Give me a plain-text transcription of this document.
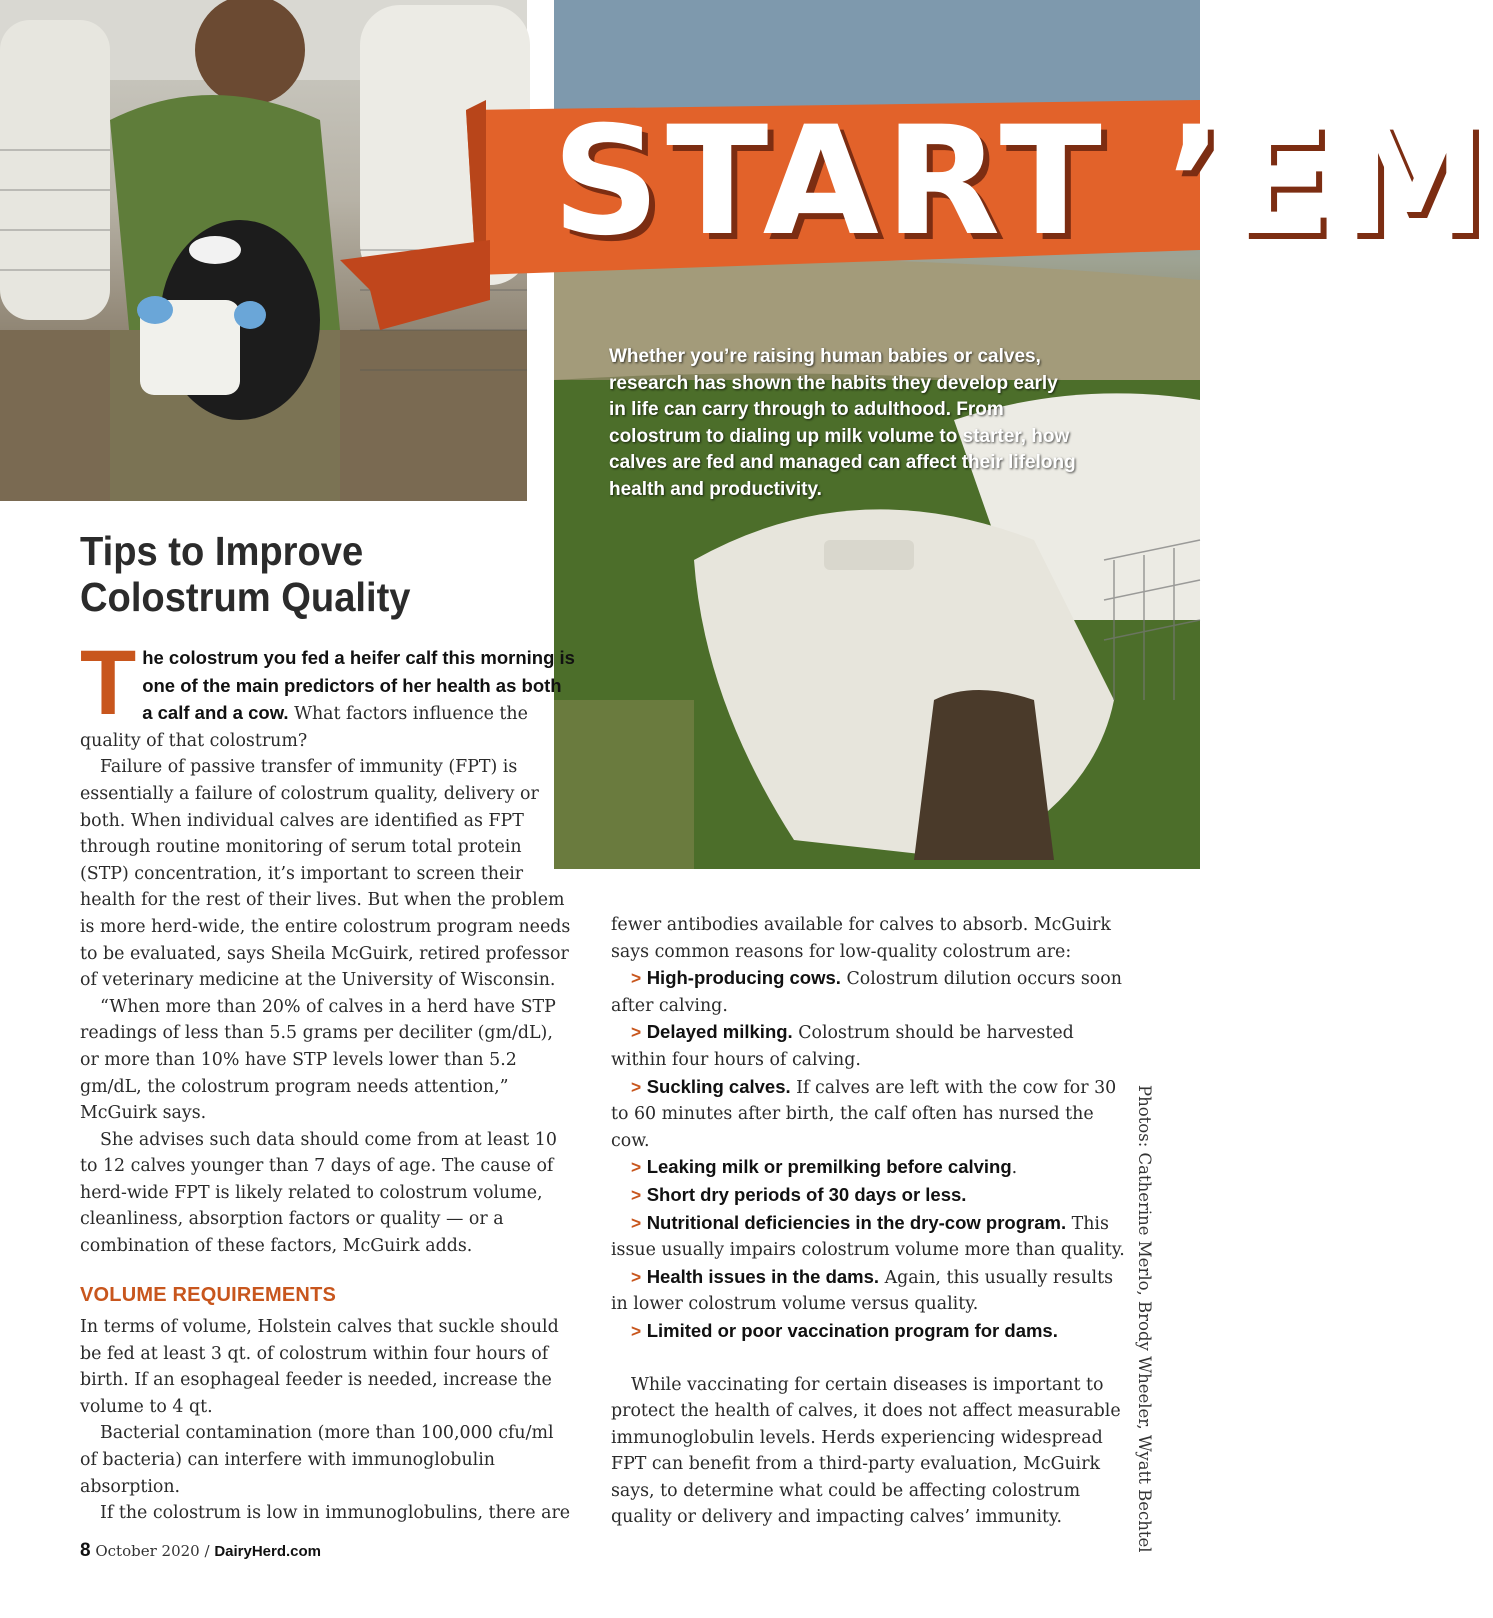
START ’EM

Whether you’re raising human babies or calves, research has shown the habits they develop early in life can carry through to adulthood. From colostrum to dialing up milk volume to starter, how calves are fed and managed can affect their lifelong health and productivity.

Tips to Improve Colostrum Quality

The colostrum you fed a heifer calf this morning is one of the main predictors of her health as both a calf and a cow. What factors influence the quality of that colostrum?

Failure of passive transfer of immunity (FPT) is essentially a failure of colostrum quality, delivery or both. When individual calves are identified as FPT through routine monitoring of serum total protein (STP) concentration, it’s important to screen their health for the rest of their lives. But when the problem is more herd-wide, the entire colostrum program needs to be evaluated, says Sheila McGuirk, retired professor of veterinary medicine at the University of Wisconsin.

“When more than 20% of calves in a herd have STP readings of less than 5.5 grams per deciliter (gm/dL), or more than 10% have STP levels lower than 5.2 gm/dL, the colostrum program needs attention,” McGuirk says.

She advises such data should come from at least 10 to 12 calves younger than 7 days of age. The cause of herd-wide FPT is likely related to colostrum volume, cleanliness, absorption factors or quality — or a combination of these factors, McGuirk adds.

VOLUME REQUIREMENTS

In terms of volume, Holstein calves that suckle should be fed at least 3 qt. of colostrum within four hours of birth. If an esophageal feeder is needed, increase the volume to 4 qt.

Bacterial contamination (more than 100,000 cfu/ml of bacteria) can interfere with immunoglobulin absorption.

If the colostrum is low in immunoglobulins, there are

fewer antibodies available for calves to absorb. McGuirk says common reasons for low-quality colostrum are:

> High-producing cows. Colostrum dilution occurs soon after calving.

> Delayed milking. Colostrum should be harvested within four hours of calving.

> Suckling calves. If calves are left with the cow for 30 to 60 minutes after birth, the calf often has nursed the cow.

> Leaking milk or premilking before calving.

> Short dry periods of 30 days or less.

> Nutritional deficiencies in the dry-cow program. This issue usually impairs colostrum volume more than quality.

> Health issues in the dams. Again, this usually results in lower colostrum volume versus quality.

> Limited or poor vaccination program for dams.

While vaccinating for certain diseases is important to protect the health of calves, it does not affect measurable immunoglobulin levels. Herds experiencing widespread FPT can benefit from a third-party evaluation, McGuirk says, to determine what could be affecting colostrum quality or delivery and impacting calves’ immunity.	Photos: Catherine Merlo, Brody Wheeler, Wyatt Bechtel
8 October 2020 / DairyHerd.com
